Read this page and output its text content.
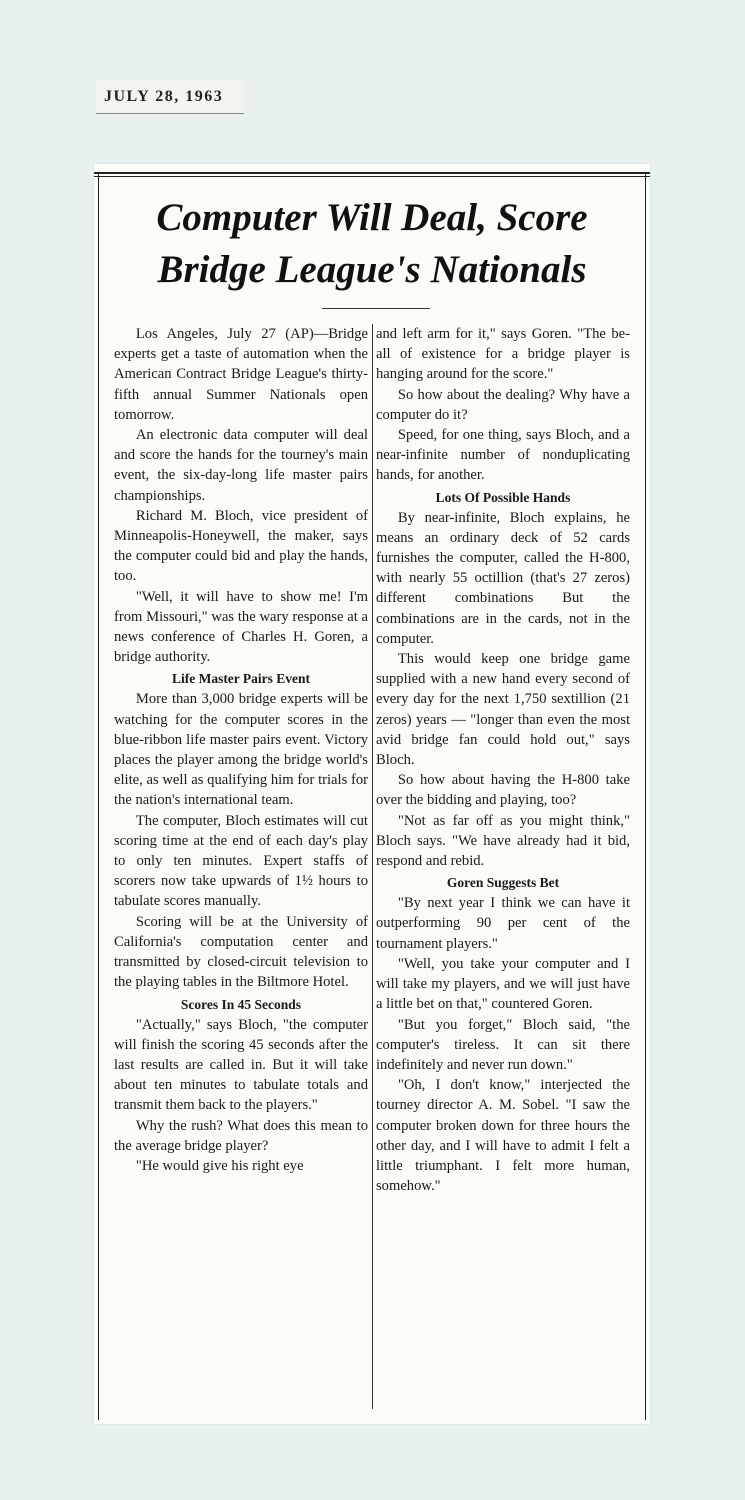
JULY 28, 1963
Computer Will Deal, Score
Bridge League's Nationals

Los Angeles, July 27 (AP)—Bridge experts get a taste of automation when the American Contract Bridge League's thirty-fifth annual Summer Nationals open tomorrow.

An electronic data computer will deal and score the hands for the tourney's main event, the six-day-long life master pairs championships.

Richard M. Bloch, vice president of Minneapolis-Honeywell, the maker, says the computer could bid and play the hands, too.

"Well, it will have to show me! I'm from Missouri," was the wary response at a news conference of Charles H. Goren, a bridge authority.

Life Master Pairs Event

More than 3,000 bridge experts will be watching for the computer scores in the blue-ribbon life master pairs event. Victory places the player among the bridge world's elite, as well as qualifying him for trials for the nation's international team.

The computer, Bloch estimates will cut scoring time at the end of each day's play to only ten minutes. Expert staffs of scorers now take upwards of 1½ hours to tabulate scores manually.

Scoring will be at the University of California's computation center and transmitted by closed-circuit television to the playing tables in the Biltmore Hotel.

Scores In 45 Seconds

"Actually," says Bloch, "the computer will finish the scoring 45 seconds after the last results are called in. But it will take about ten minutes to tabulate totals and transmit them back to the players."

Why the rush? What does this mean to the average bridge player?

"He would give his right eye

and left arm for it," says Goren. "The be-all of existence for a bridge player is hanging around for the score."

So how about the dealing? Why have a computer do it?

Speed, for one thing, says Bloch, and a near-infinite number of nonduplicating hands, for another.

Lots Of Possible Hands

By near-infinite, Bloch explains, he means an ordinary deck of 52 cards furnishes the computer, called the H-800, with nearly 55 octillion (that's 27 zeros) different combinations But the combinations are in the cards, not in the computer.

This would keep one bridge game supplied with a new hand every second of every day for the next 1,750 sextillion (21 zeros) years — "longer than even the most avid bridge fan could hold out," says Bloch.

So how about having the H-800 take over the bidding and playing, too?

"Not as far off as you might think," Bloch says. "We have already had it bid, respond and rebid.

Goren Suggests Bet

"By next year I think we can have it outperforming 90 per cent of the tournament players."

"Well, you take your computer and I will take my players, and we will just have a little bet on that," countered Goren.

"But you forget," Bloch said, "the computer's tireless. It can sit there indefinitely and never run down."

"Oh, I don't know," interjected the tourney director A. M. Sobel. "I saw the computer broken down for three hours the other day, and I will have to admit I felt a little triumphant. I felt more human, somehow."
